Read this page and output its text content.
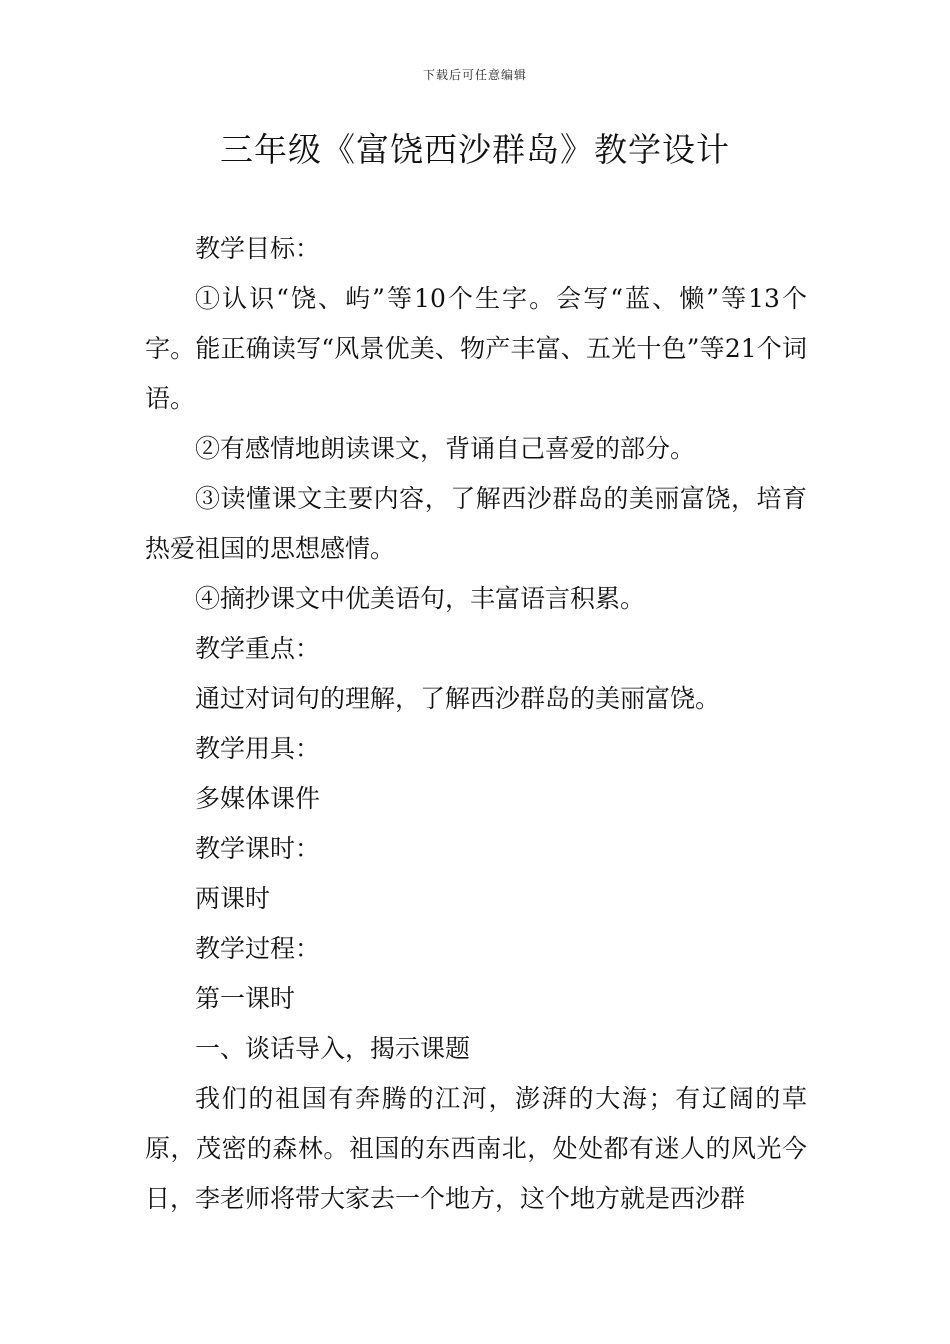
下载后可任意编辑
三年级《富饶西沙群岛》教学设计

教学目标：

①认识“饶、屿”等10个生字。会写“蓝、懒”等13个字。能正确读写“风景优美、物产丰富、五光十色”等21个词语。

②有感情地朗读课文，背诵自己喜爱的部分。

③读懂课文主要内容，了解西沙群岛的美丽富饶，培育热爱祖国的思想感情。

④摘抄课文中优美语句，丰富语言积累。

教学重点：

通过对词句的理解，了解西沙群岛的美丽富饶。

教学用具：

多媒体课件

教学课时：

两课时

教学过程：

第一课时

一、谈话导入，揭示课题

我们的祖国有奔腾的江河，澎湃的大海；有辽阔的草原，茂密的森林。祖国的东西南北，处处都有迷人的风光今日，李老师将带大家去一个地方，这个地方就是西沙群
